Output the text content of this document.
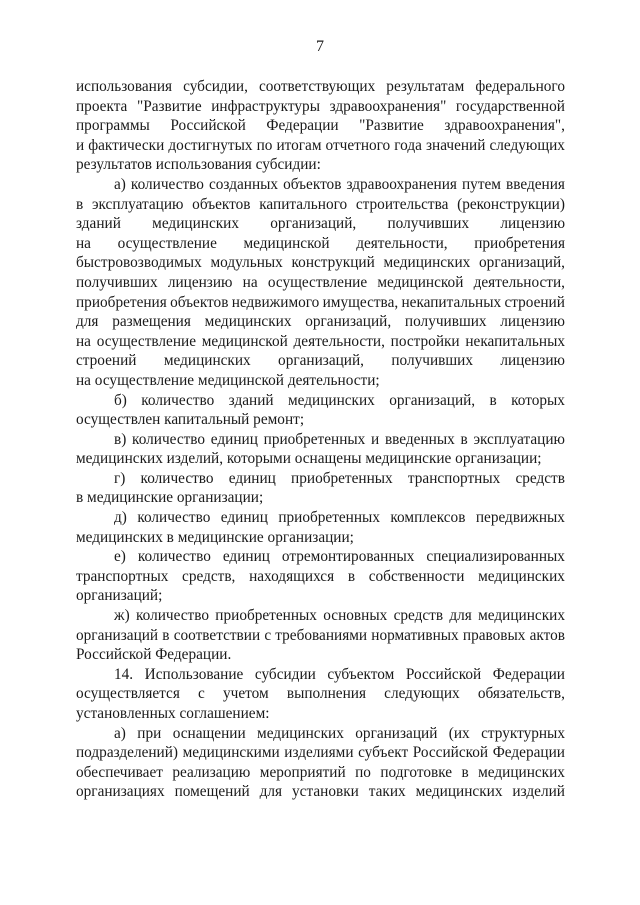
7
использования субсидии, соответствующих результатам федерального
проекта "Развитие инфраструктуры здравоохранения" государственной
программы Российской Федерации "Развитие здравоохранения",
и фактически достигнутых по итогам отчетного года значений следующих
результатов использования субсидии:
а) количество созданных объектов здравоохранения путем введения
в эксплуатацию объектов капитального строительства (реконструкции)
зданий медицинских организаций, получивших лицензию
на осуществление медицинской деятельности, приобретения
быстровозводимых модульных конструкций медицинских организаций,
получивших лицензию на осуществление медицинской деятельности,
приобретения объектов недвижимого имущества, некапитальных строений
для размещения медицинских организаций, получивших лицензию
на осуществление медицинской деятельности, постройки некапитальных
строений медицинских организаций, получивших лицензию
на осуществление медицинской деятельности;
б) количество зданий медицинских организаций, в которых
осуществлен капитальный ремонт;
в) количество единиц приобретенных и введенных в эксплуатацию
медицинских изделий, которыми оснащены медицинские организации;
г) количество единиц приобретенных транспортных средств
в медицинские организации;
д) количество единиц приобретенных комплексов передвижных
медицинских в медицинские организации;
е) количество единиц отремонтированных специализированных
транспортных средств, находящихся в собственности медицинских
организаций;
ж) количество приобретенных основных средств для медицинских
организаций в соответствии с требованиями нормативных правовых актов
Российской Федерации.
14. Использование субсидии субъектом Российской Федерации
осуществляется с учетом выполнения следующих обязательств,
установленных соглашением:
а) при оснащении медицинских организаций (их структурных
подразделений) медицинскими изделиями субъект Российской Федерации
обеспечивает реализацию мероприятий по подготовке в медицинских
организациях помещений для установки таких медицинских изделий
